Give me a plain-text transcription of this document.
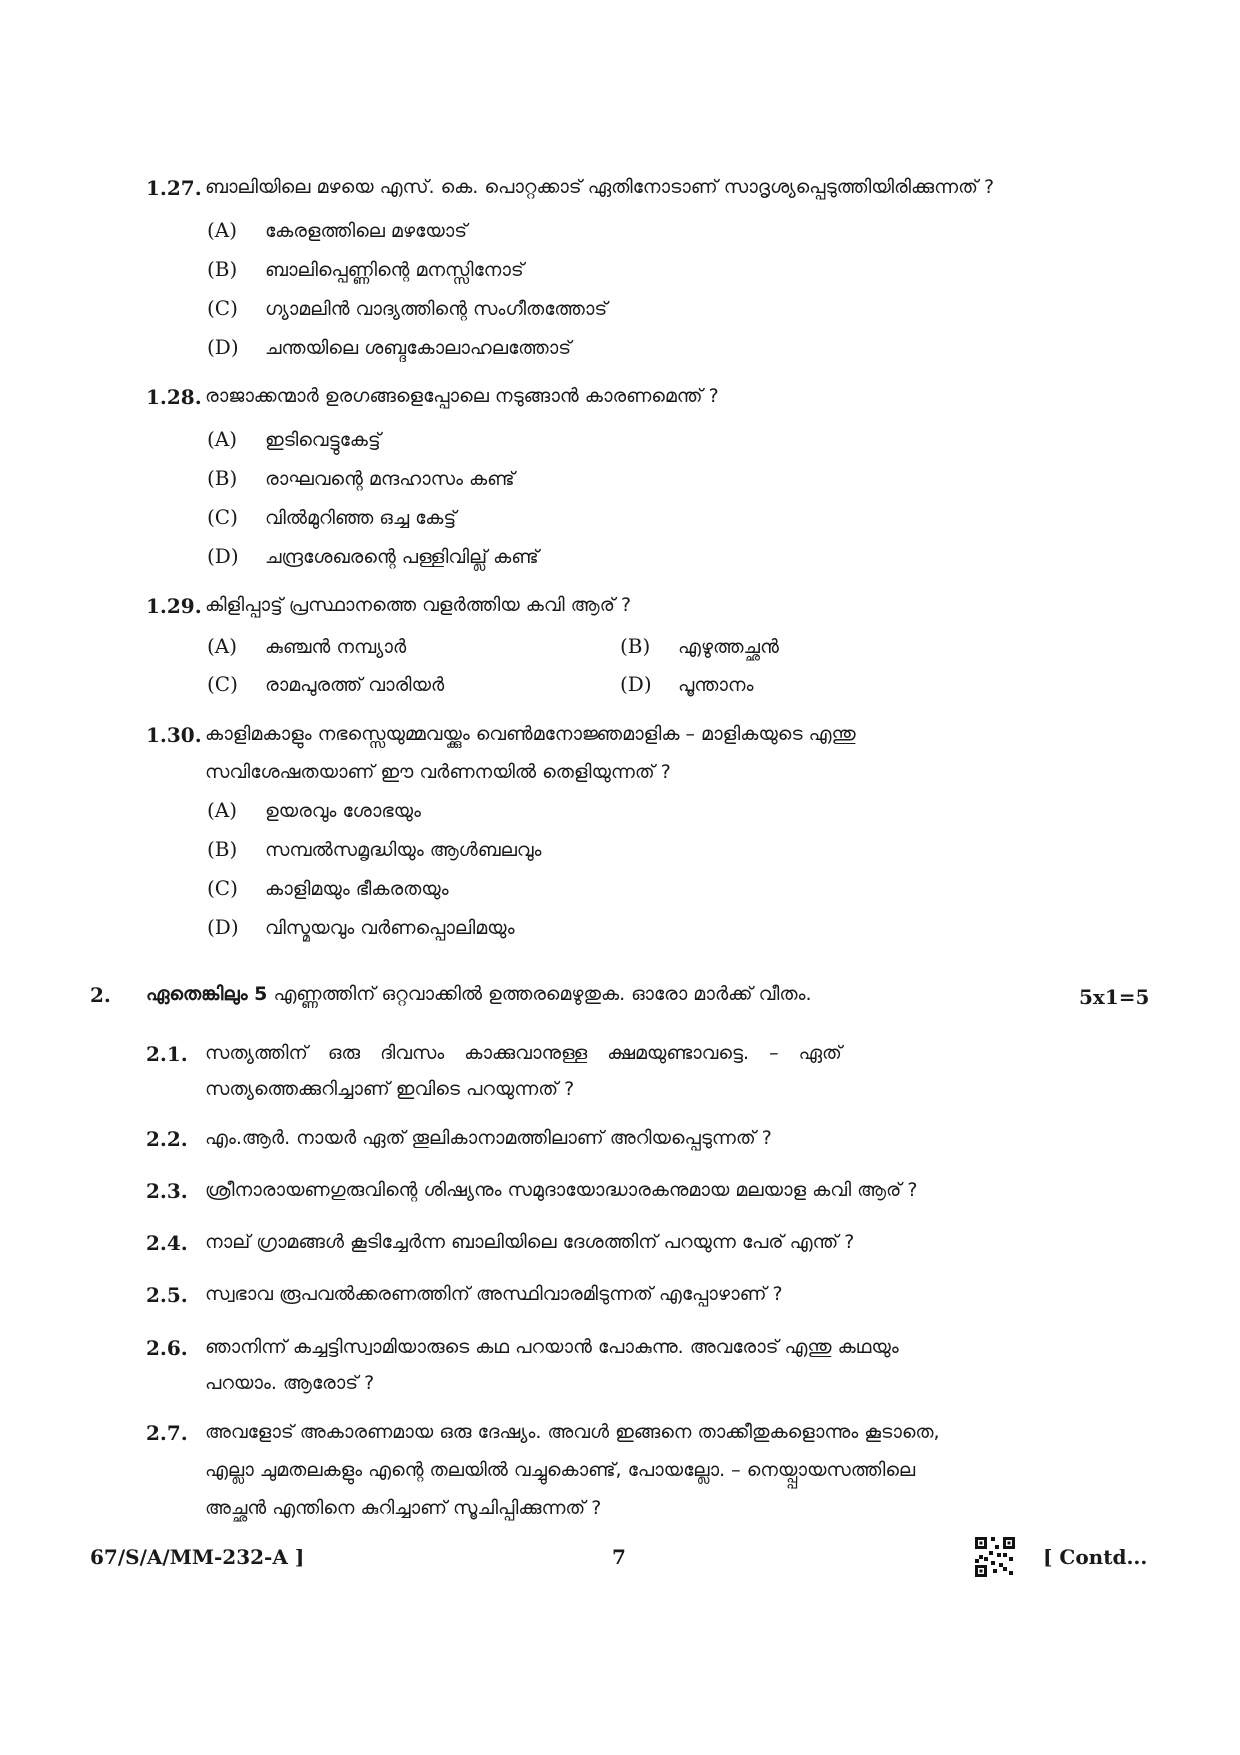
1.27. ബാലിയിലെ മഴയെ എസ്. കെ. പൊറ്റക്കാട് ഏതിനോടാണ് സാദൃശ്യപ്പെടുത്തിയിരിക്കുന്നത് ?
(A) കേരളത്തിലെ മഴയോട്
(B) ബാലിപ്പെണ്ണിന്റെ മനസ്സിനോട്
(C) ഗ്യാമലിൻ വാദ്യത്തിന്റെ സംഗീതത്തോട്
(D) ചന്തയിലെ ശബ്ദകോലാഹലത്തോട്
1.28. രാജാക്കന്മാർ ഉരഗങ്ങളെപ്പോലെ നടുങ്ങാൻ കാരണമെന്ത് ?
(A) ഇടിവെട്ടുകേട്ട്
(B) രാഘവന്റെ മന്ദഹാസം കണ്ട്
(C) വിൽമുറിഞ്ഞ ഒച്ച കേട്ട്
(D) ചന്ദ്രശേഖരന്റെ പള്ളിവില്ല് കണ്ട്
1.29. കിളിപ്പാട്ട് പ്രസ്ഥാനത്തെ വളർത്തിയ കവി ആര് ?
(A) കുഞ്ചൻ നമ്പ്യാർ	(B) എഴുത്തച്ഛൻ
(C) രാമപുരത്ത് വാരിയർ	(D) പൂന്താനം
1.30. കാളിമകാളും നഭസ്സെയുമ്മവയ്ക്കും വെൺമനോജ്ഞമാളിക – മാളികയുടെ എന്തു
സവിശേഷതയാണ് ഈ വർണനയിൽ തെളിയുന്നത് ?
(A) ഉയരവും ശോഭയും
(B) സമ്പൽസമൃദ്ധിയും ആൾബലവും
(C) കാളിമയും ഭീകരതയും
(D) വിസ്മയവും വർണപ്പൊലിമയും
2. ഏതെങ്കിലും 5 എണ്ണത്തിന് ഒറ്റവാക്കിൽ ഉത്തരമെഴുതുക. ഓരോ മാർക്ക് വീതം.	5x1=5
2.1. സത്യത്തിന് ഒരു ദിവസം കാക്കുവാനുള്ള ക്ഷമയുണ്ടാവട്ടെ. – ഏത്
സത്യത്തെക്കുറിച്ചാണ് ഇവിടെ പറയുന്നത് ?
2.2. എം.ആർ. നായർ ഏത് തൂലികാനാമത്തിലാണ് അറിയപ്പെടുന്നത് ?
2.3. ശ്രീനാരായണഗുരുവിന്റെ ശിഷ്യനും സമുദായോദ്ധാരകനുമായ മലയാള കവി ആര് ?
2.4. നാല് ഗ്രാമങ്ങൾ കൂടിച്ചേർന്ന ബാലിയിലെ ദേശത്തിന് പറയുന്ന പേര് എന്ത് ?
2.5. സ്വഭാവ രൂപവൽക്കരണത്തിന് അസ്ഥിവാരമിടുന്നത് എപ്പോഴാണ് ?
2.6. ഞാനിന്ന് കച്ചട്ടിസ്വാമിയാരുടെ കഥ പറയാൻ പോകുന്നു. അവരോട് എന്തു കഥയും
പറയാം. ആരോട് ?
2.7. അവളോട് അകാരണമായ ഒരു ദേഷ്യം. അവൾ ഇങ്ങനെ താക്കീതുകളൊന്നും കൂടാതെ,
എല്ലാ ചുമതലകളും എന്റെ തലയിൽ വച്ചുകൊണ്ട്, പോയല്ലോ. – നെയ്പ്പായസത്തിലെ
അച്ഛൻ എന്തിനെ കുറിച്ചാണ് സൂചിപ്പിക്കുന്നത് ?
67/S/A/MM-232-A ]	7	[ Contd...
